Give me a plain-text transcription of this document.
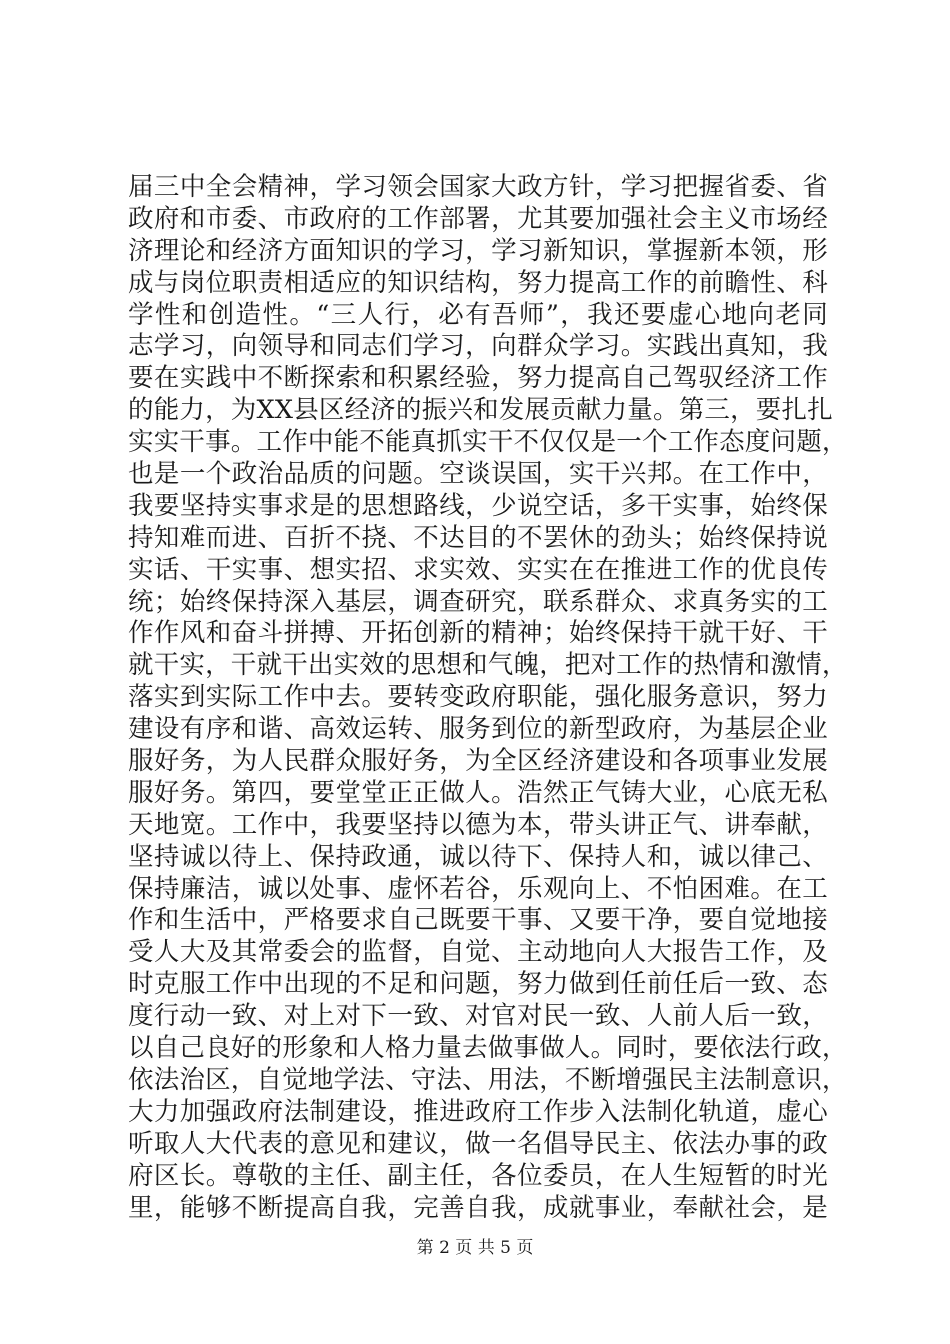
届三中全会精神，学习领会国家大政方针，学习把握省委、省
政府和市委、市政府的工作部署，尤其要加强社会主义市场经
济理论和经济方面知识的学习，学习新知识，掌握新本领，形
成与岗位职责相适应的知识结构，努力提高工作的前瞻性、科
学性和创造性。“三人行，必有吾师”，我还要虚心地向老同
志学习，向领导和同志们学习，向群众学习。实践出真知，我
要在实践中不断探索和积累经验，努力提高自己驾驭经济工作
的能力，为XX县区经济的振兴和发展贡献力量。第三，要扎扎
实实干事。工作中能不能真抓实干不仅仅是一个工作态度问题，
也是一个政治品质的问题。空谈误国，实干兴邦。在工作中，
我要坚持实事求是的思想路线，少说空话，多干实事，始终保
持知难而进、百折不挠、不达目的不罢休的劲头；始终保持说
实话、干实事、想实招、求实效、实实在在推进工作的优良传
统；始终保持深入基层，调查研究，联系群众、求真务实的工
作作风和奋斗拼搏、开拓创新的精神；始终保持干就干好、干
就干实，干就干出实效的思想和气魄，把对工作的热情和激情，
落实到实际工作中去。要转变政府职能，强化服务意识，努力
建设有序和谐、高效运转、服务到位的新型政府，为基层企业
服好务，为人民群众服好务，为全区经济建设和各项事业发展
服好务。第四，要堂堂正正做人。浩然正气铸大业，心底无私
天地宽。工作中，我要坚持以德为本，带头讲正气、讲奉献，
坚持诚以待上、保持政通，诚以待下、保持人和，诚以律己、
保持廉洁，诚以处事、虚怀若谷，乐观向上、不怕困难。在工
作和生活中，严格要求自己既要干事、又要干净，要自觉地接
受人大及其常委会的监督，自觉、主动地向人大报告工作，及
时克服工作中出现的不足和问题，努力做到任前任后一致、态
度行动一致、对上对下一致、对官对民一致、人前人后一致，
以自己良好的形象和人格力量去做事做人。同时，要依法行政，
依法治区，自觉地学法、守法、用法，不断增强民主法制意识，
大力加强政府法制建设，推进政府工作步入法制化轨道，虚心
听取人大代表的意见和建议，做一名倡导民主、依法办事的政
府区长。尊敬的主任、副主任，各位委员，在人生短暂的时光
里，能够不断提高自我，完善自我，成就事业，奉献社会，是
第 2 页 共 5 页
